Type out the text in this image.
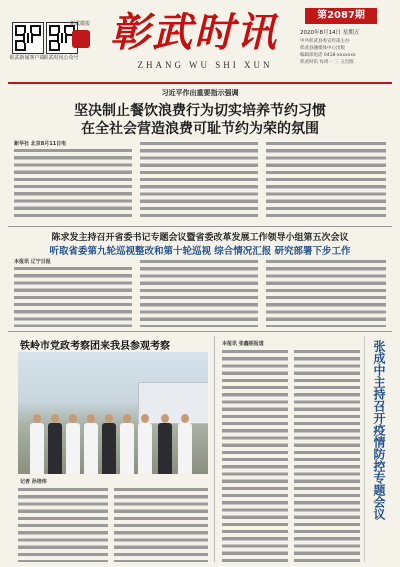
彰武新闻客户端
彰武时讯公众号
新武微报 彰武时讯
ZHANG WU SHI XUN
第2087期
2020年8月14日 星期五
中共彰武县委宣传部主办
彰武县融媒体中心出版
编辑部电话 0418-xxxxxxx
彰武时讯 每周一 三 五出版
习近平作出重要指示强调
坚决制止餐饮浪费行为切实培养节约习惯
在全社会营造浪费可耻节约为荣的氛围
新华社 北京8月11日电
陈求发主持召开省委书记专题会议暨省委改革发展工作领导小组第五次会议
听取省委第九轮巡视整改和第十轮巡视 综合情况汇报 研究部署下步工作
本报讯 辽宁日报
铁岭市党政考察团来我县参观考察
记者 孙培伟
本报讯 张鑫铭报道	张成中主持召开疫情防控专题会议
